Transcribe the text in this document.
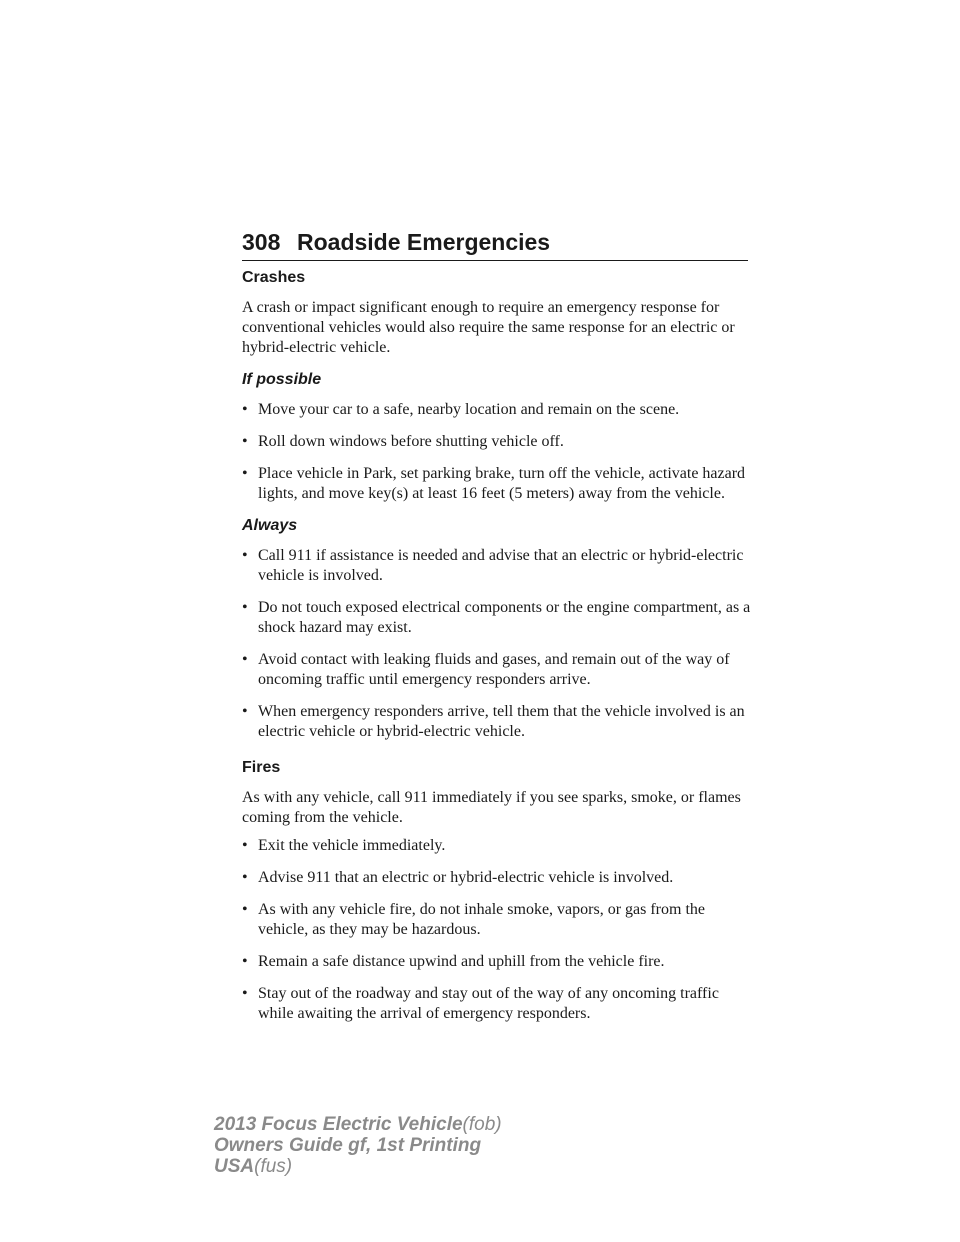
308 Roadside Emergencies
Crashes

A crash or impact significant enough to require an emergency response for conventional vehicles would also require the same response for an electric or hybrid-electric vehicle.

If possible
• Move your car to a safe, nearby location and remain on the scene.
• Roll down windows before shutting vehicle off.
• Place vehicle in Park, set parking brake, turn off the vehicle, activate hazard lights, and move key(s) at least 16 feet (5 meters) away from the vehicle.
Always
• Call 911 if assistance is needed and advise that an electric or hybrid-electric vehicle is involved.
• Do not touch exposed electrical components or the engine compartment, as a shock hazard may exist.
• Avoid contact with leaking fluids and gases, and remain out of the way of oncoming traffic until emergency responders arrive.
• When emergency responders arrive, tell them that the vehicle involved is an electric vehicle or hybrid-electric vehicle.
Fires

As with any vehicle, call 911 immediately if you see sparks, smoke, or flames coming from the vehicle.

• Exit the vehicle immediately.
• Advise 911 that an electric or hybrid-electric vehicle is involved.
• As with any vehicle fire, do not inhale smoke, vapors, or gas from the vehicle, as they may be hazardous.
• Remain a safe distance upwind and uphill from the vehicle fire.
• Stay out of the roadway and stay out of the way of any oncoming traffic while awaiting the arrival of emergency responders.
2013 Focus Electric Vehicle(fob)
Owners Guide gf, 1st Printing
USA(fus)
